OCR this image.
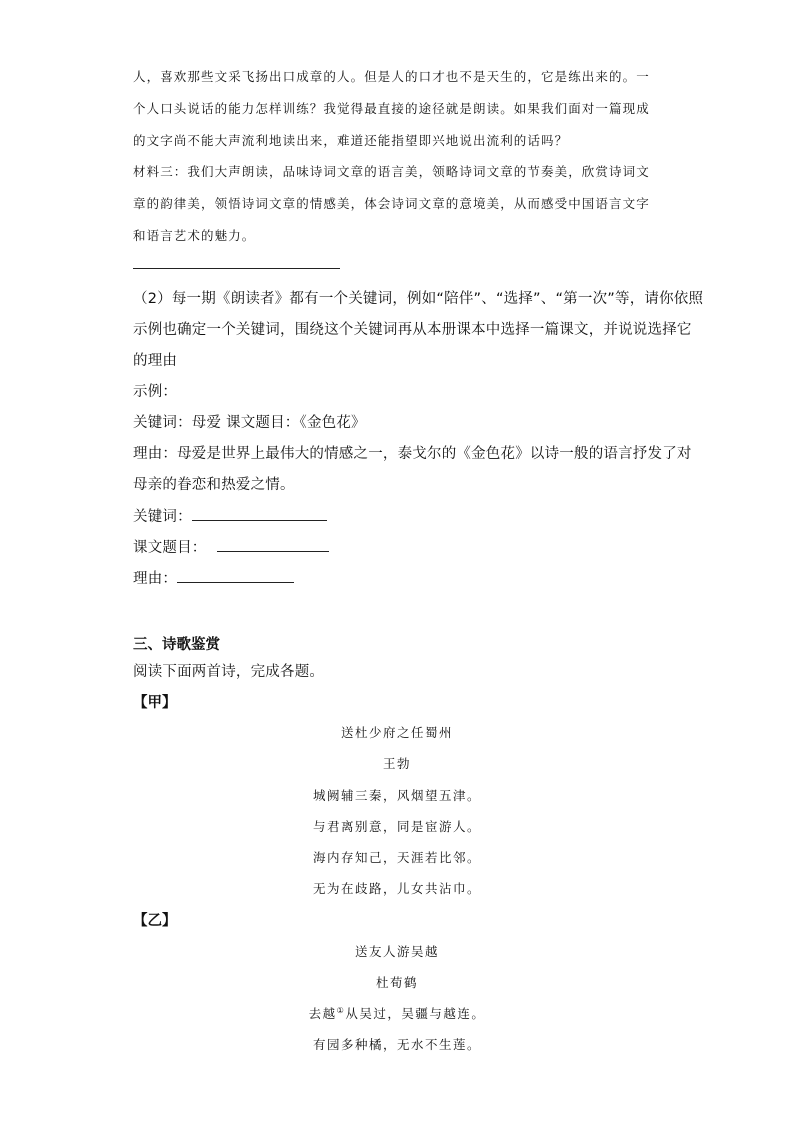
人，喜欢那些文采飞扬出口成章的人。但是人的口才也不是天生的，它是练出来的。一
个人口头说话的能力怎样训练？我觉得最直接的途径就是朗读。如果我们面对一篇现成
的文字尚不能大声流利地读出来，难道还能指望即兴地说出流利的话吗？
材料三：我们大声朗读，品味诗词文章的语言美，领略诗词文章的节奏美，欣赏诗词文
章的韵律美，领悟诗词文章的情感美，体会诗词文章的意境美，从而感受中国语言文字
和语言艺术的魅力。
（2）每一期《朗读者》都有一个关键词，例如“陪伴”、“选择”、“第一次”等，请你依照
示例也确定一个关键词，围绕这个关键词再从本册课本中选择一篇课文，并说说选择它
的理由
示例：
关键词：母爱 课文题目：《金色花》
理由：母爱是世界上最伟大的情感之一，泰戈尔的《金色花》以诗一般的语言抒发了对
母亲的眷恋和热爱之情。
关键词：
课文题目：
理由：
三、诗歌鉴赏
阅读下面两首诗，完成各题。
【甲】
送杜少府之任蜀州
王勃
城阙辅三秦，风烟望五津。
与君离别意，同是宦游人。
海内存知己，天涯若比邻。
无为在歧路，儿女共沾巾。
【乙】
送友人游吴越
杜荀鹤
去越①从吴过，吴疆与越连。
有园多种橘，无水不生莲。
